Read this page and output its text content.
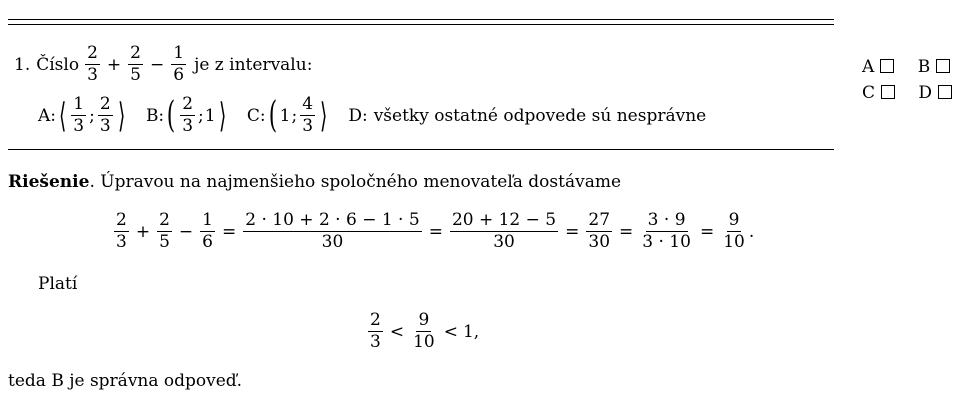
1. Číslo $\frac{2}{3} + \frac{2}{5} - \frac{1}{6}$ je z intervalu:
A: ⟨ $\frac{1}{3}$ ; $\frac{2}{3}$ ⟩ B: ( $\frac{2}{3}$ ; 1 ⟩ C: ( 1 ; $\frac{4}{3}$ ⟩ D: všetky ostatné odpovede sú nesprávne
A	B
C	D
Riešenie. Úpravou na najmenšieho spoločného menovateľa dostávame
$\frac{2}{3} + \frac{2}{5} - \frac{1}{6} = \frac{2 \cdot 10 + 2 \cdot 6 - 1 \cdot 5}{30} = \frac{20 + 12 - 5}{30} = \frac{27}{30} = \frac{3 \cdot 9}{3 \cdot 10} = \frac{9}{10}$ .
Platí
$\frac{2}{3} < \frac{9}{10} < 1$ ,
teda B je správna odpoveď.
